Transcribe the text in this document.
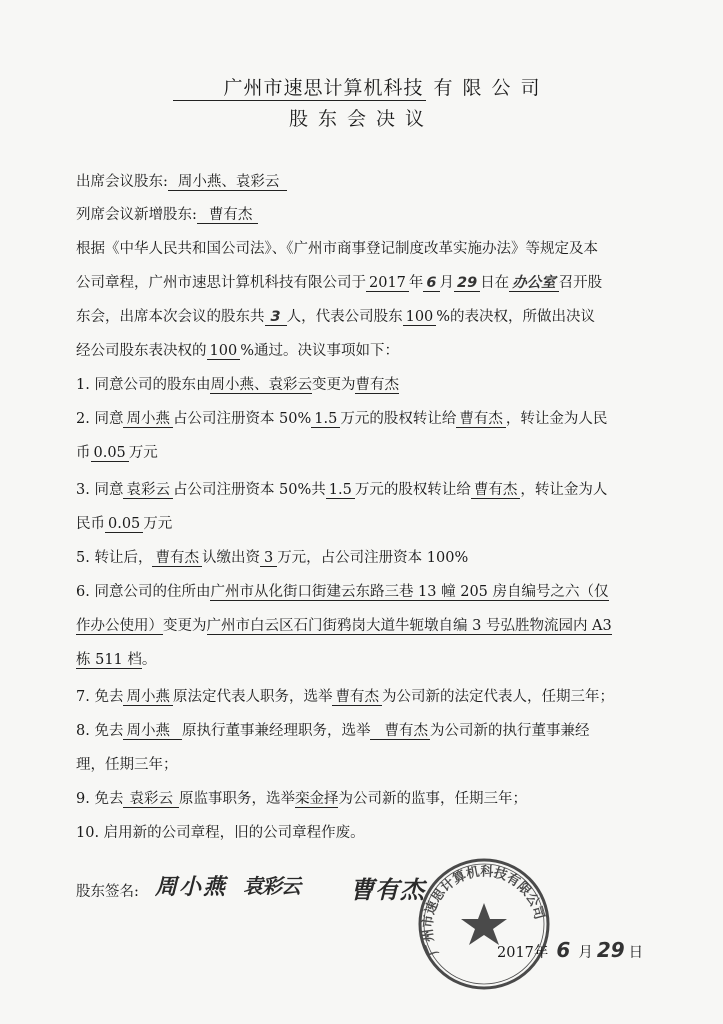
广州市速思计算机科技 有限公司
股东会决议
出席会议股东: 周小燕、袁彩云
列席会议新增股东: 曹有杰
根据《中华人民共和国公司法》、《广州市商事登记制度改革实施办法》等规定及本
公司章程，广州市速思计算机科技有限公司于 2017 年 6 月 29 日在 办公室 召开股
东会，出席本次会议的股东共 3 人，代表公司股东 100 %的表决权，所做出决议
经公司股东表决权的 100 %通过。决议事项如下：
1. 同意公司的股东由周小燕、袁彩云变更为曹有杰
2. 同意 周小燕 占公司注册资本 50% 1.5 万元的股权转让给 曹有杰 ，转让金为人民
币 0.05 万元
3. 同意 袁彩云 占公司注册资本 50%共 1.5 万元的股权转让给 曹有杰 ，转让金为人
民币 0.05 万元
5. 转让后， 曹有杰 认缴出资 3 万元，占公司注册资本 100%
6. 同意公司的住所由广州市从化街口街建云东路三巷 13 幢 205 房自编号之六（仅
作办公使用）变更为广州市白云区石门街鸦岗大道牛轭墩自编 3 号弘胜物流园内 A3
栋 511 档。
7. 免去 周小燕 原法定代表人职务，选举 曹有杰 为公司新的法定代表人，任期三年；
8. 免去 周小燕 原执行董事兼经理职务，选举 曹有杰 为公司新的执行董事兼经
理，任期三年；
9. 免去 袁彩云 原监事职务，选举栾金择为公司新的监事，任期三年；
10. 启用新的公司章程，旧的公司章程作废。
股东签名: 周小燕 袁彩云 曹有杰
广州市速思计算机科技有限公司
2017年 6 月 29 日
